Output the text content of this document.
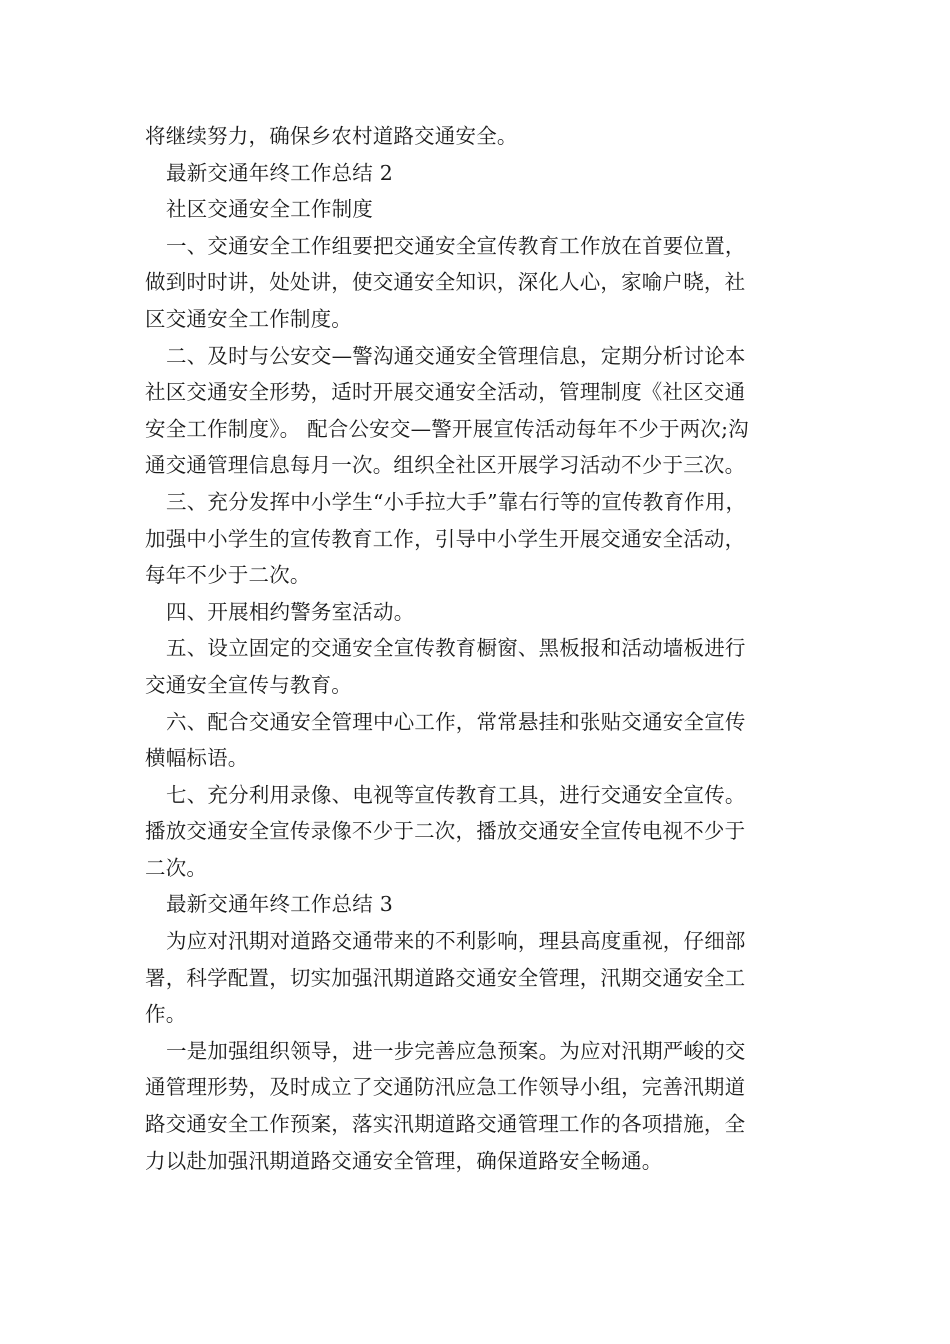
将继续努力，确保乡农村道路交通安全。
最新交通年终工作总结 2
社区交通安全工作制度
一、交通安全工作组要把交通安全宣传教育工作放在首要位置，
做到时时讲，处处讲，使交通安全知识，深化人心，家喻户晓，社
区交通安全工作制度。
二、及时与公安交—警沟通交通安全管理信息，定期分析讨论本
社区交通安全形势，适时开展交通安全活动，管理制度《社区交通
安全工作制度》。 配合公安交—警开展宣传活动每年不少于两次;沟
通交通管理信息每月一次。组织全社区开展学习活动不少于三次。
三、充分发挥中小学生“小手拉大手”靠右行等的宣传教育作用，
加强中小学生的宣传教育工作，引导中小学生开展交通安全活动，
每年不少于二次。
四、开展相约警务室活动。
五、设立固定的交通安全宣传教育橱窗、黑板报和活动墙板进行
交通安全宣传与教育。
六、配合交通安全管理中心工作，常常悬挂和张贴交通安全宣传
横幅标语。
七、充分利用录像、电视等宣传教育工具，进行交通安全宣传。
播放交通安全宣传录像不少于二次，播放交通安全宣传电视不少于
二次。
最新交通年终工作总结 3
为应对汛期对道路交通带来的不利影响，理县高度重视，仔细部
署，科学配置，切实加强汛期道路交通安全管理，汛期交通安全工
作。
一是加强组织领导，进一步完善应急预案。为应对汛期严峻的交
通管理形势，及时成立了交通防汛应急工作领导小组，完善汛期道
路交通安全工作预案，落实汛期道路交通管理工作的各项措施，全
力以赴加强汛期道路交通安全管理，确保道路安全畅通。
